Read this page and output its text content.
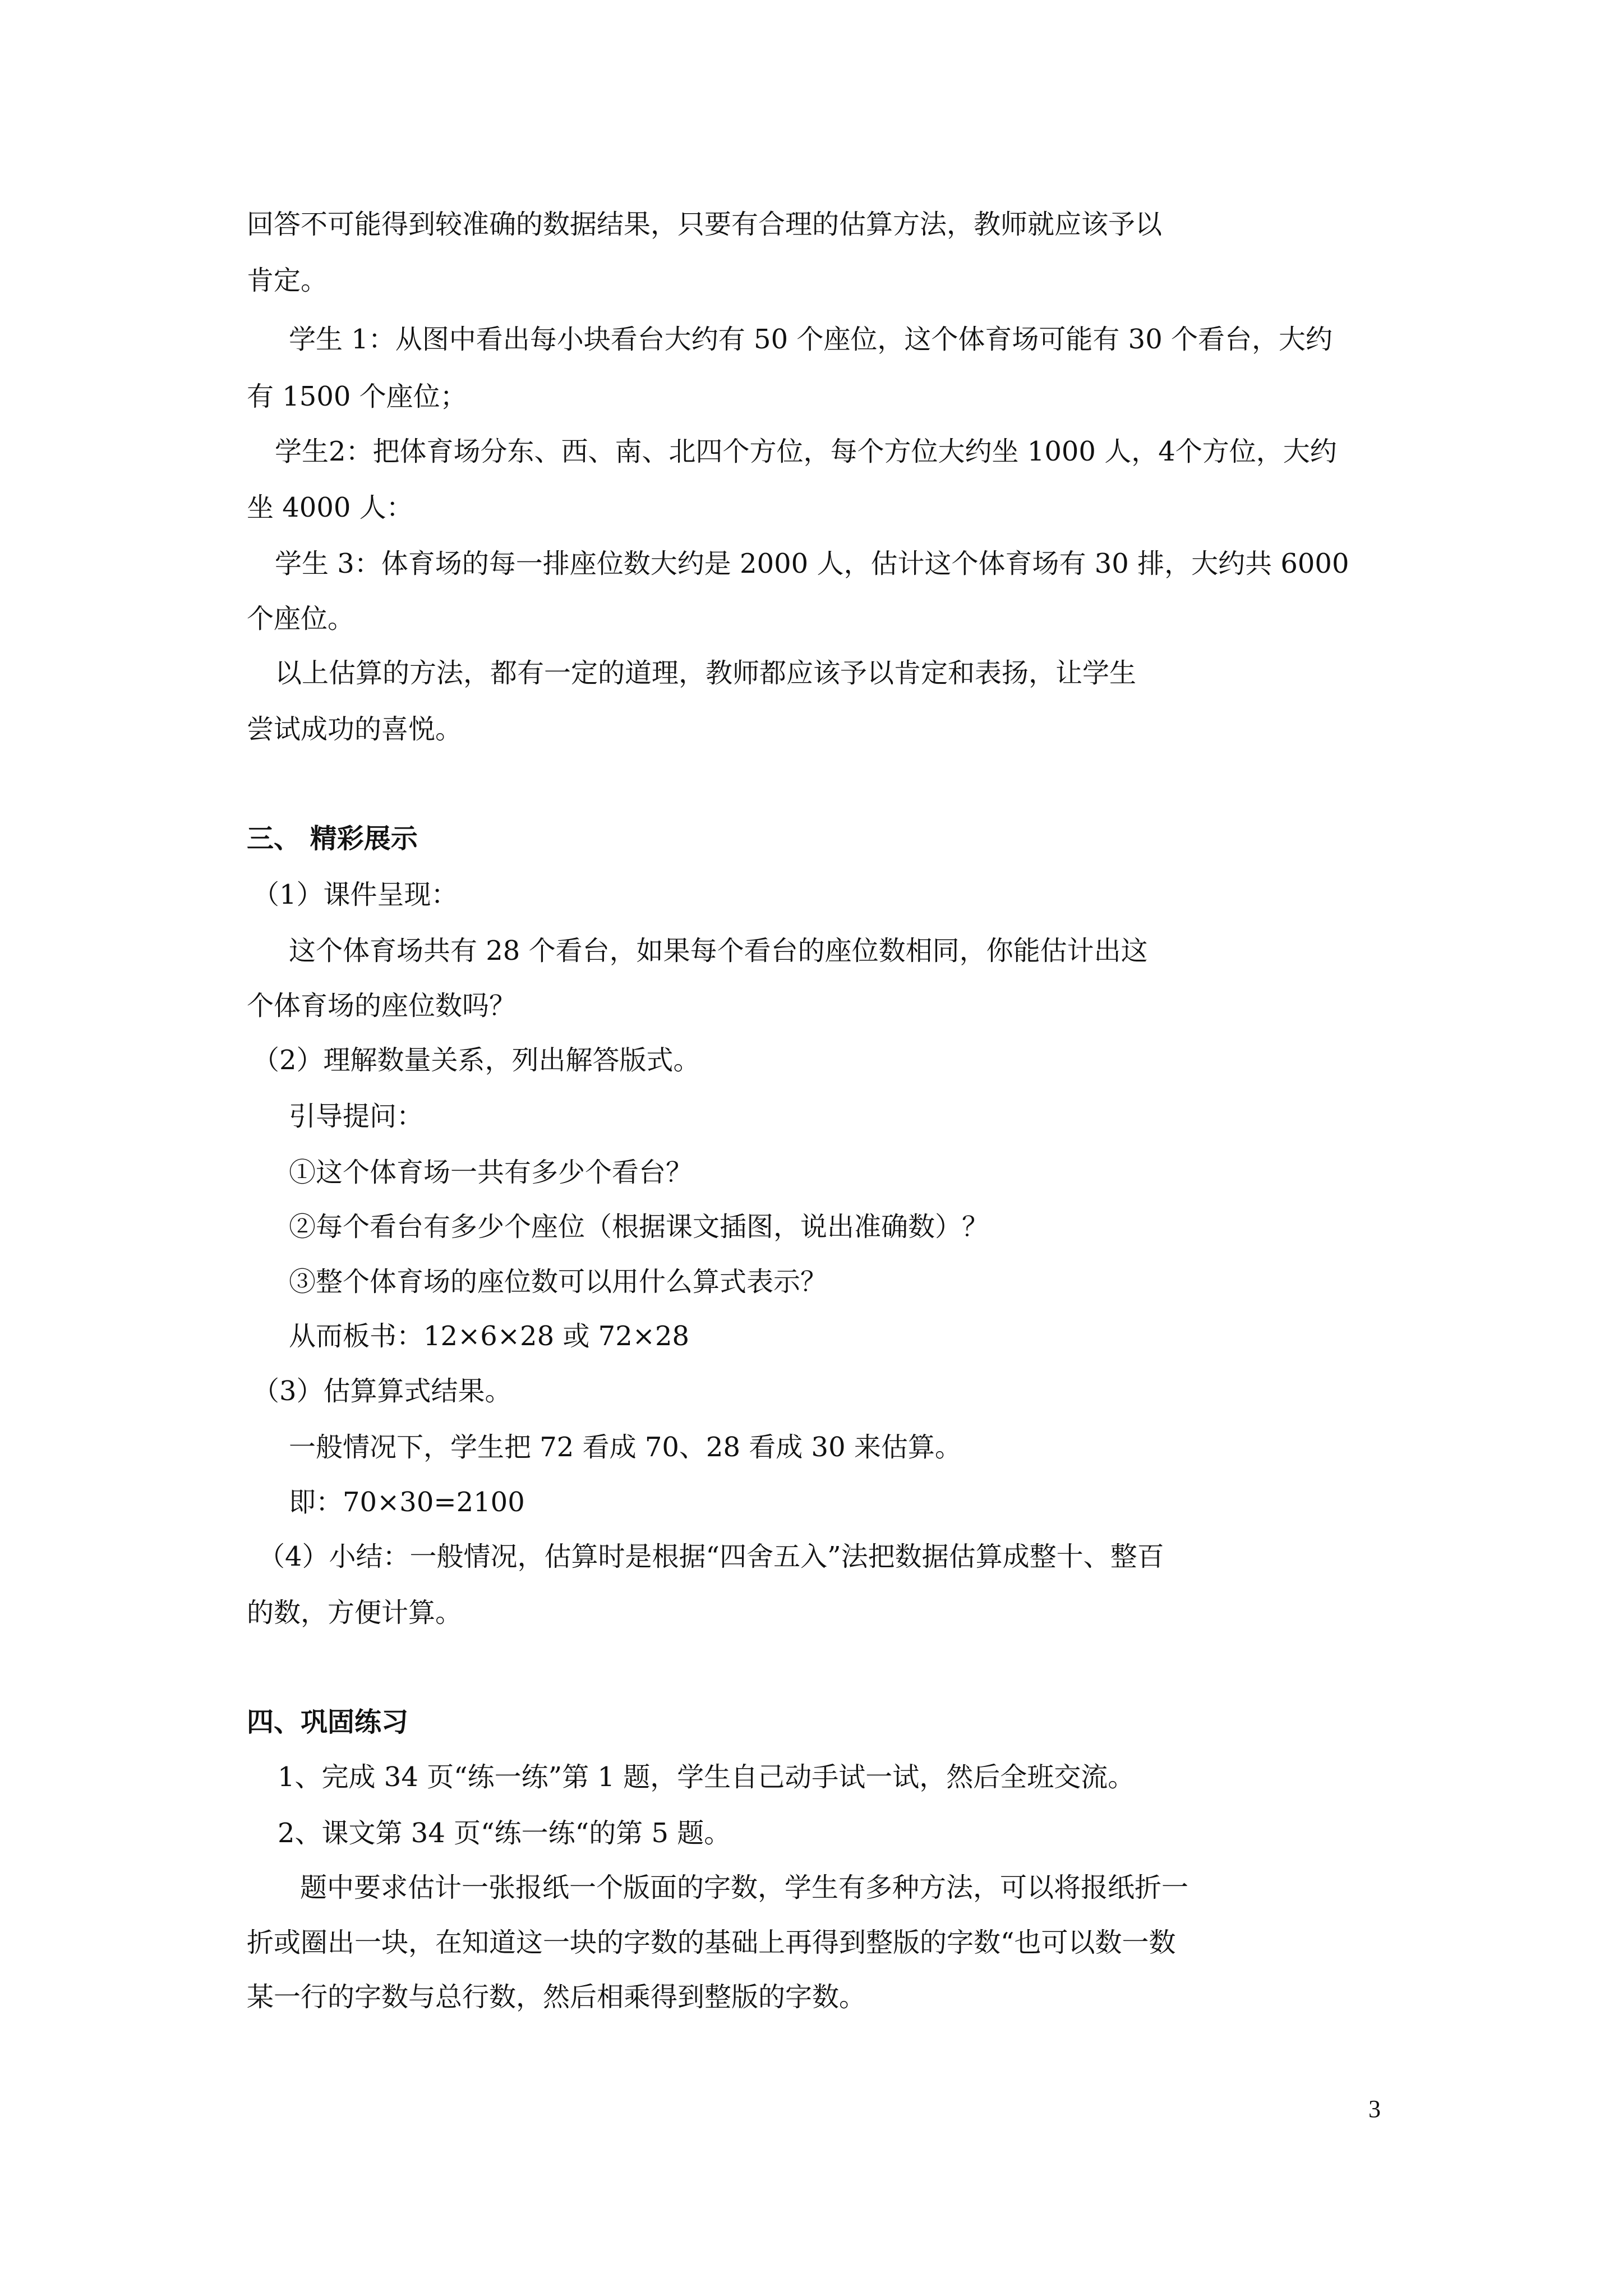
回答不可能得到较准确的数据结果，只要有合理的估算方法，教师就应该予以
肯定。
学生 1：从图中看出每小块看台大约有 50 个座位，这个体育场可能有 30 个看台，大约
有 1500 个座位；
学生2：把体育场分东、西、南、北四个方位，每个方位大约坐 1000 人，4个方位，大约
坐 4000 人：
学生 3：体育场的每一排座位数大约是 2000 人，估计这个体育场有 30 排，大约共 6000
个座位。
以上估算的方法，都有一定的道理，教师都应该予以肯定和表扬，让学生
尝试成功的喜悦。
三、 精彩展示
（1）课件呈现：
这个体育场共有 28 个看台，如果每个看台的座位数相同，你能估计出这
个体育场的座位数吗？
（2）理解数量关系，列出解答版式。
引导提问：
①这个体育场一共有多少个看台？
②每个看台有多少个座位（根据课文插图，说出准确数）？
③整个体育场的座位数可以用什么算式表示？
从而板书：12×6×28 或 72×28
（3）估算算式结果。
一般情况下，学生把 72 看成 70、28 看成 30 来估算。
即：70×30=2100
（4）小结：一般情况，估算时是根据“四舍五入”法把数据估算成整十、整百
的数，方便计算。
四、巩固练习
1、完成 34 页“练一练”第 1 题，学生自己动手试一试，然后全班交流。
2、课文第 34 页“练一练“的第 5 题。
题中要求估计一张报纸一个版面的字数，学生有多种方法，可以将报纸折一
折或圈出一块，在知道这一块的字数的基础上再得到整版的字数“也可以数一数
某一行的字数与总行数，然后相乘得到整版的字数。
3
